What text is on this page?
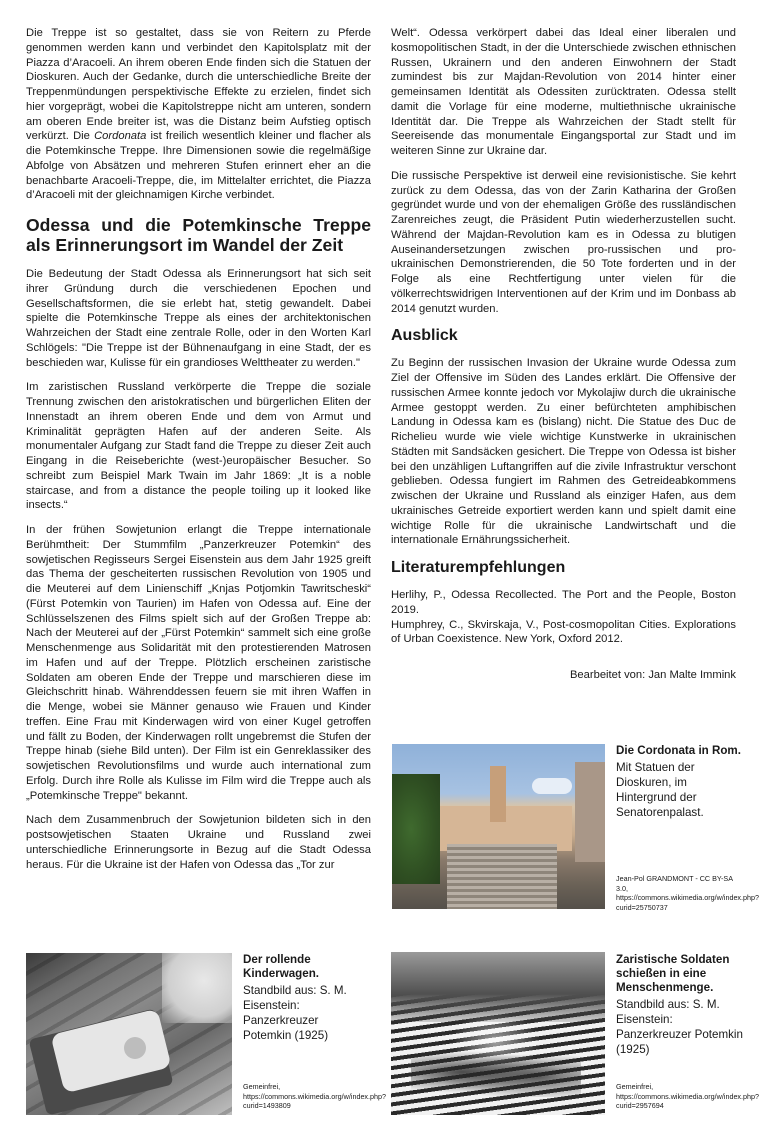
Die Treppe ist so gestaltet, dass sie von Reitern zu Pferde genommen werden kann und verbindet den Kapitolsplatz mit der Piazza d’Aracoeli. An ihrem oberen Ende finden sich die Statuen der Dioskuren. Auch der Gedanke, durch die unterschiedliche Breite der Treppenmündungen perspektivische Effekte zu erzielen, findet sich hier vorgeprägt, wobei die Kapitolstreppe nicht am unteren, sondern am oberen Ende breiter ist, was die Distanz beim Aufstieg optisch verkürzt. Die Cordonata ist freilich wesentlich kleiner und flacher als die Potemkinsche Treppe. Ihre Dimensionen sowie die regelmäßige Abfolge von Absätzen und mehreren Stufen erinnert eher an die benachbarte Aracoeli-Treppe, die, im Mittelalter errichtet, die Piazza d’Aracoeli mit der gleichnamigen Kirche verbindet.

Odessa und die Potemkinsche Treppe als Erinnerungsort im Wandel der Zeit

Die Bedeutung der Stadt Odessa als Erinnerungsort hat sich seit ihrer Gründung durch die verschiedenen Epochen und Gesellschaftsformen, die sie erlebt hat, stetig gewandelt. Dabei spielte die Potemkinsche Treppe als eines der architektonischen Wahrzeichen der Stadt eine zentrale Rolle, oder in den Worten Karl Schlögels: "Die Treppe ist der Bühnenaufgang in eine Stadt, der es beschieden war, Kulisse für ein grandioses Welttheater zu werden."

Im zaristischen Russland verkörperte die Treppe die soziale Trennung zwischen den aristokratischen und bürgerlichen Eliten der Innenstadt an ihrem oberen Ende und dem von Armut und Kriminalität geprägten Hafen auf der anderen Seite. Als monumentaler Aufgang zur Stadt fand die Treppe zu dieser Zeit auch Eingang in die Reiseberichte (west-)europäischer Besucher. So schreibt zum Beispiel Mark Twain im Jahr 1869: „It is a noble staircase, and from a distance the people toiling up it looked like insects.“

In der frühen Sowjetunion erlangt die Treppe internationale Berühmtheit: Der Stummfilm „Panzerkreuzer Potemkin“ des sowjetischen Regisseurs Sergei Eisenstein aus dem Jahr 1925 greift das Thema der gescheiterten russischen Revolution von 1905 und die Meuterei auf dem Linienschiff „Knjas Potjomkin Tawritscheski“ (Fürst Potemkin von Taurien) im Hafen von Odessa auf. Eine der Schlüsselszenen des Films spielt sich auf der Großen Treppe ab: Nach der Meuterei auf der „Fürst Potemkin“ sammelt sich eine große Menschenmenge aus Solidarität mit den protestierenden Matrosen im Hafen und auf der Treppe. Plötzlich erscheinen zaristische Soldaten am oberen Ende der Treppe und marschieren diese im Gleichschritt hinab. Währenddessen feuern sie mit ihren Waffen in die Menge, wobei sie Männer genauso wie Frauen und Kinder treffen. Eine Frau mit Kinderwagen wird von einer Kugel getroffen und fällt zu Boden, der Kinderwagen rollt ungebremst die Stufen der Treppe hinab (siehe Bild unten). Der Film ist ein Genreklassiker des sowjetischen Revolutionsfilms und wurde auch international zum Erfolg. Durch ihre Rolle als Kulisse im Film wird die Treppe auch als „Potemkinsche Treppe" bekannt.

Nach dem Zusammenbruch der Sowjetunion bildeten sich in den postsowjetischen Staaten Ukraine und Russland zwei unterschiedliche Erinnerungsorte in Bezug auf die Stadt Odessa heraus. Für die Ukraine ist der Hafen von Odessa das „Tor zur

Welt“. Odessa verkörpert dabei das Ideal einer liberalen und kosmopolitischen Stadt, in der die Unterschiede zwischen ethnischen Russen, Ukrainern und den anderen Einwohnern der Stadt zumindest bis zur Majdan-Revolution von 2014 hinter einer gemeinsamen Identität als Odessiten zurücktraten. Odessa stellt damit die Vorlage für eine moderne, multiethnische ukrainische Identität dar. Die Treppe als Wahrzeichen der Stadt stellt für Seereisende das monumentale Eingangsportal zur Stadt und im weiteren Sinne zur Ukraine dar.

Die russische Perspektive ist derweil eine revisionistische. Sie kehrt zurück zu dem Odessa, das von der Zarin Katharina der Großen gegründet wurde und von der ehemaligen Größe des russländischen Zarenreiches zeugt, die Präsident Putin wiederherzustellen sucht. Während der Majdan-Revolution kam es in Odessa zu blutigen Auseinandersetzungen zwischen pro-russischen und pro-ukrainischen Demonstrierenden, die 50 Tote forderten und in der Folge als eine Rechtfertigung unter vielen für die völkerrechtswidrigen Interventionen auf der Krim und im Donbass ab 2014 genutzt wurden.

Ausblick

Zu Beginn der russischen Invasion der Ukraine wurde Odessa zum Ziel der Offensive im Süden des Landes erklärt. Die Offensive der russischen Armee konnte jedoch vor Mykolajiw durch die ukrainische Armee gestoppt werden. Zu einer befürchteten amphibischen Landung in Odessa kam es (bislang) nicht. Die Statue des Duc de Richelieu wurde wie viele wichtige Kunstwerke in ukrainischen Städten mit Sandsäcken gesichert. Die Treppe von Odessa ist bisher bei den unzähligen Luftangriffen auf die zivile Infrastruktur verschont geblieben. Odessa fungiert im Rahmen des Getreideabkommens zwischen der Ukraine und Russland als einziger Hafen, aus dem ukrainisches Getreide exportiert werden kann und spielt damit eine wichtige Rolle für die ukrainische Landwirtschaft und die internationale Ernährungssicherheit.

Literaturempfehlungen
Herlihy, P., Odessa Recollected. The Port and the People, Boston 2019.
Humphrey, C., Skvirskaja, V., Post-cosmopolitan Cities. Explorations of Urban Coexistence. New York, Oxford 2012.
Bearbeitet von: Jan Malte Immink
Die Cordonata in Rom.
Mit Statuen der Dioskuren, im Hintergrund der Senatorenpalast.
Jean-Pol GRANDMONT - CC BY-SA 3.0, https://commons.wikimedia.org/w/index.php?curid=25750737
Der rollende Kinderwagen.
Standbild aus: S. M. Eisenstein: Panzerkreuzer Potemkin (1925)
Gemeinfrei, https://commons.wikimedia.org/w/index.php?curid=1493809
Zaristische Soldaten schießen in eine Menschenmenge.
Standbild aus: S. M. Eisenstein: Panzerkreuzer Potemkin (1925)
Gemeinfrei, https://commons.wikimedia.org/w/index.php?curid=2957694
